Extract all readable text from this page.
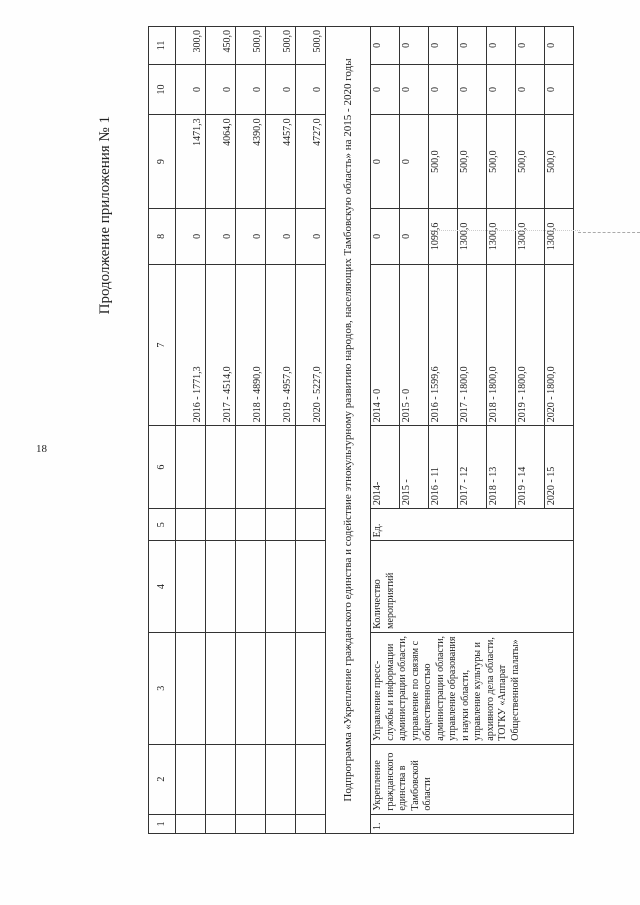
18
Продолжение приложения № 1
1	2	3	4	5	6	7	8	9	10	11
						2016 - 1771,3	0	1471,3	0	300,0
						2017 - 4514,0	0	4064,0	0	450,0
						2018 - 4890,0	0	4390,0	0	500,0
						2019 - 4957,0	0	4457,0	0	500,0
						2020 - 5227,0	0	4727,0	0	500,0
Подпрограмма «Укрепление гражданского единства и содействие этнокультурному развитию народов, населяющих Тамбовскую область» на 2015 - 2020 годы										
1.	Укрепление гражданского единства в Тамбовской области	Управление пресс-службы и информации администрации области, управление по связям с общественностью администрации области, управление образования и науки области, управление культуры и архивного дела области, ТОГКУ «Аппарат Общественной палаты»	Количество мероприятий	Ед.	2014-	2014 - 0	0	0	0	0
					2015 -	2015 - 0	0	0	0	0
					2016 - 11	2016 - 1599,6	1099,6	500,0	0	0
					2017 - 12	2017 - 1800,0	1300,0	500,0	0	0
					2018 - 13	2018 - 1800,0	1300,0	500,0	0	0
					2019 - 14	2019 - 1800,0	1300,0	500,0	0	0
					2020 - 15	2020 - 1800,0	1300,0	500,0	0	0
